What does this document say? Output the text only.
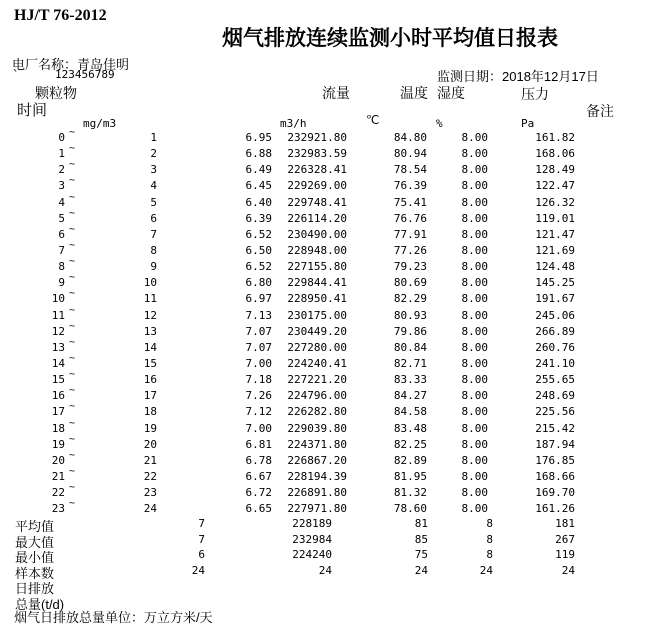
HJ/T 76-2012
烟气排放连续监测小时平均值日报表
电厂名称：青岛佳明
`	123456789	监测日期：2018年12月17日
颗粒物	流量	温度 湿度	压力
时间	备注
mg/m3	m3/h	℃	%	Pa
0 ~	1	6.95	232921.80	84.80	8.00	161.82
1 ~	2	6.88	232983.59	80.94	8.00	168.06
2 ~	3	6.49	226328.41	78.54	8.00	128.49
3 ~	4	6.45	229269.00	76.39	8.00	122.47
4 ~	5	6.40	229748.41	75.41	8.00	126.32
5 ~	6	6.39	226114.20	76.76	8.00	119.01
6 ~	7	6.52	230490.00	77.91	8.00	121.47
7 ~	8	6.50	228948.00	77.26	8.00	121.69
8 ~	9	6.52	227155.80	79.23	8.00	124.48
9 ~	10	6.80	229844.41	80.69	8.00	145.25
10 ~	11	6.97	228950.41	82.29	8.00	191.67
11 ~	12	7.13	230175.00	80.93	8.00	245.06
12 ~	13	7.07	230449.20	79.86	8.00	266.89
13 ~	14	7.07	227280.00	80.84	8.00	260.76
14 ~	15	7.00	224240.41	82.71	8.00	241.10
15 ~	16	7.18	227221.20	83.33	8.00	255.65
16 ~	17	7.26	224796.00	84.27	8.00	248.69
17 ~	18	7.12	226282.80	84.58	8.00	225.56
18 ~	19	7.00	229039.80	83.48	8.00	215.42
19 ~	20	6.81	224371.80	82.25	8.00	187.94
20 ~	21	6.78	226867.20	82.89	8.00	176.85
21 ~	22	6.67	228194.39	81.95	8.00	168.66
22 ~	23	6.72	226891.80	81.32	8.00	169.70
23 ~	24	6.65	227971.80	78.60	8.00	161.26
平均值	7	228189	81	8	181
最大值	7	232984	85	8	267
最小值	6	224240	75	8	119
样本数	24	24	24	24	24
日排放
总量(t/d)
烟气日排放总量单位：万立方米/天
